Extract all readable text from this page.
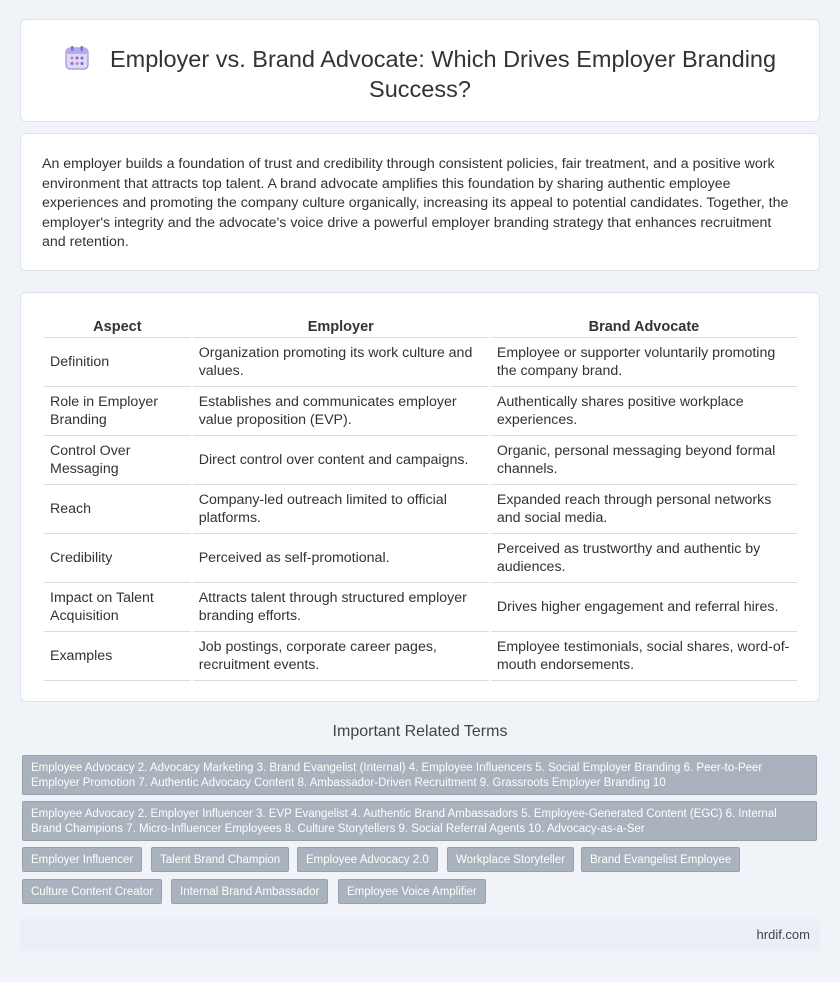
Employer vs. Brand Advocate: Which Drives Employer Branding Success?

An employer builds a foundation of trust and credibility through consistent policies, fair treatment, and a positive work environment that attracts top talent. A brand advocate amplifies this foundation by sharing authentic employee experiences and promoting the company culture organically, increasing its appeal to potential candidates. Together, the employer's integrity and the advocate's voice drive a powerful employer branding strategy that enhances recruitment and retention.

Aspect	Employer	Brand Advocate
Definition	Organization promoting its work culture and values.	Employee or supporter voluntarily promoting the company brand.
Role in Employer Branding	Establishes and communicates employer value proposition (EVP).	Authentically shares positive workplace experiences.
Control Over Messaging	Direct control over content and campaigns.	Organic, personal messaging beyond formal channels.
Reach	Company-led outreach limited to official platforms.	Expanded reach through personal networks and social media.
Credibility	Perceived as self-promotional.	Perceived as trustworthy and authentic by audiences.
Impact on Talent Acquisition	Attracts talent through structured employer branding efforts.	Drives higher engagement and referral hires.
Examples	Job postings, corporate career pages, recruitment events.	Employee testimonials, social shares, word-of-mouth endorsements.
Important Related Terms
Employee Advocacy 2. Advocacy Marketing 3. Brand Evangelist (Internal) 4. Employee Influencers 5. Social Employer Branding 6. Peer-to-Peer Employer Promotion 7. Authentic Advocacy Content 8. Ambassador-Driven Recruitment 9. Grassroots Employer Branding 10
Employee Advocacy 2. Employer Influencer 3. EVP Evangelist 4. Authentic Brand Ambassadors 5. Employee-Generated Content (EGC) 6. Internal Brand Champions 7. Micro-Influencer Employees 8. Culture Storytellers 9. Social Referral Agents 10. Advocacy-as-a-Ser
Employer Influencer	Talent Brand Champion	Employee Advocacy 2.0	Workplace Storyteller	Brand Evangelist Employee
Culture Content Creator	Internal Brand Ambassador	Employee Voice Amplifier
hrdif.com
